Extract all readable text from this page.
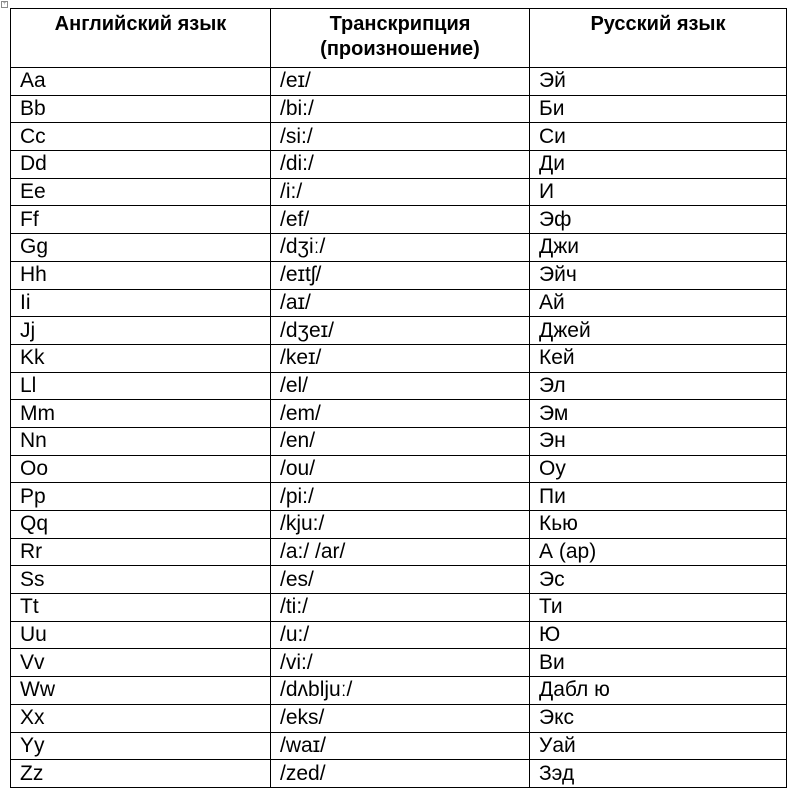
+
Английский язык	Транскрипция (произношение)	Русский язык
Aa	/eɪ/	Эй
Bb	/bi:/	Би
Cc	/si:/	Си
Dd	/di:/	Ди
Ee	/i:/	И
Ff	/ef/	Эф
Gg	/dʒiː/	Джи
Hh	/eɪtʃ/	Эйч
Ii	/aɪ/	Ай
Jj	/dʒeɪ/	Джей
Kk	/keɪ/	Кей
Ll	/el/	Эл
Mm	/em/	Эм
Nn	/en/	Эн
Oo	/ou/	Оу
Pp	/pi:/	Пи
Qq	/kju:/	Кью
Rr	/a:/ /ar/	А (ар)
Ss	/es/	Эс
Tt	/ti:/	Ти
Uu	/u:/	Ю
Vv	/vi:/	Ви
Ww	/dʌbljuː/	Дабл ю
Xx	/eks/	Экс
Yy	/waɪ/	Уай
Zz	/zed/	Зэд
